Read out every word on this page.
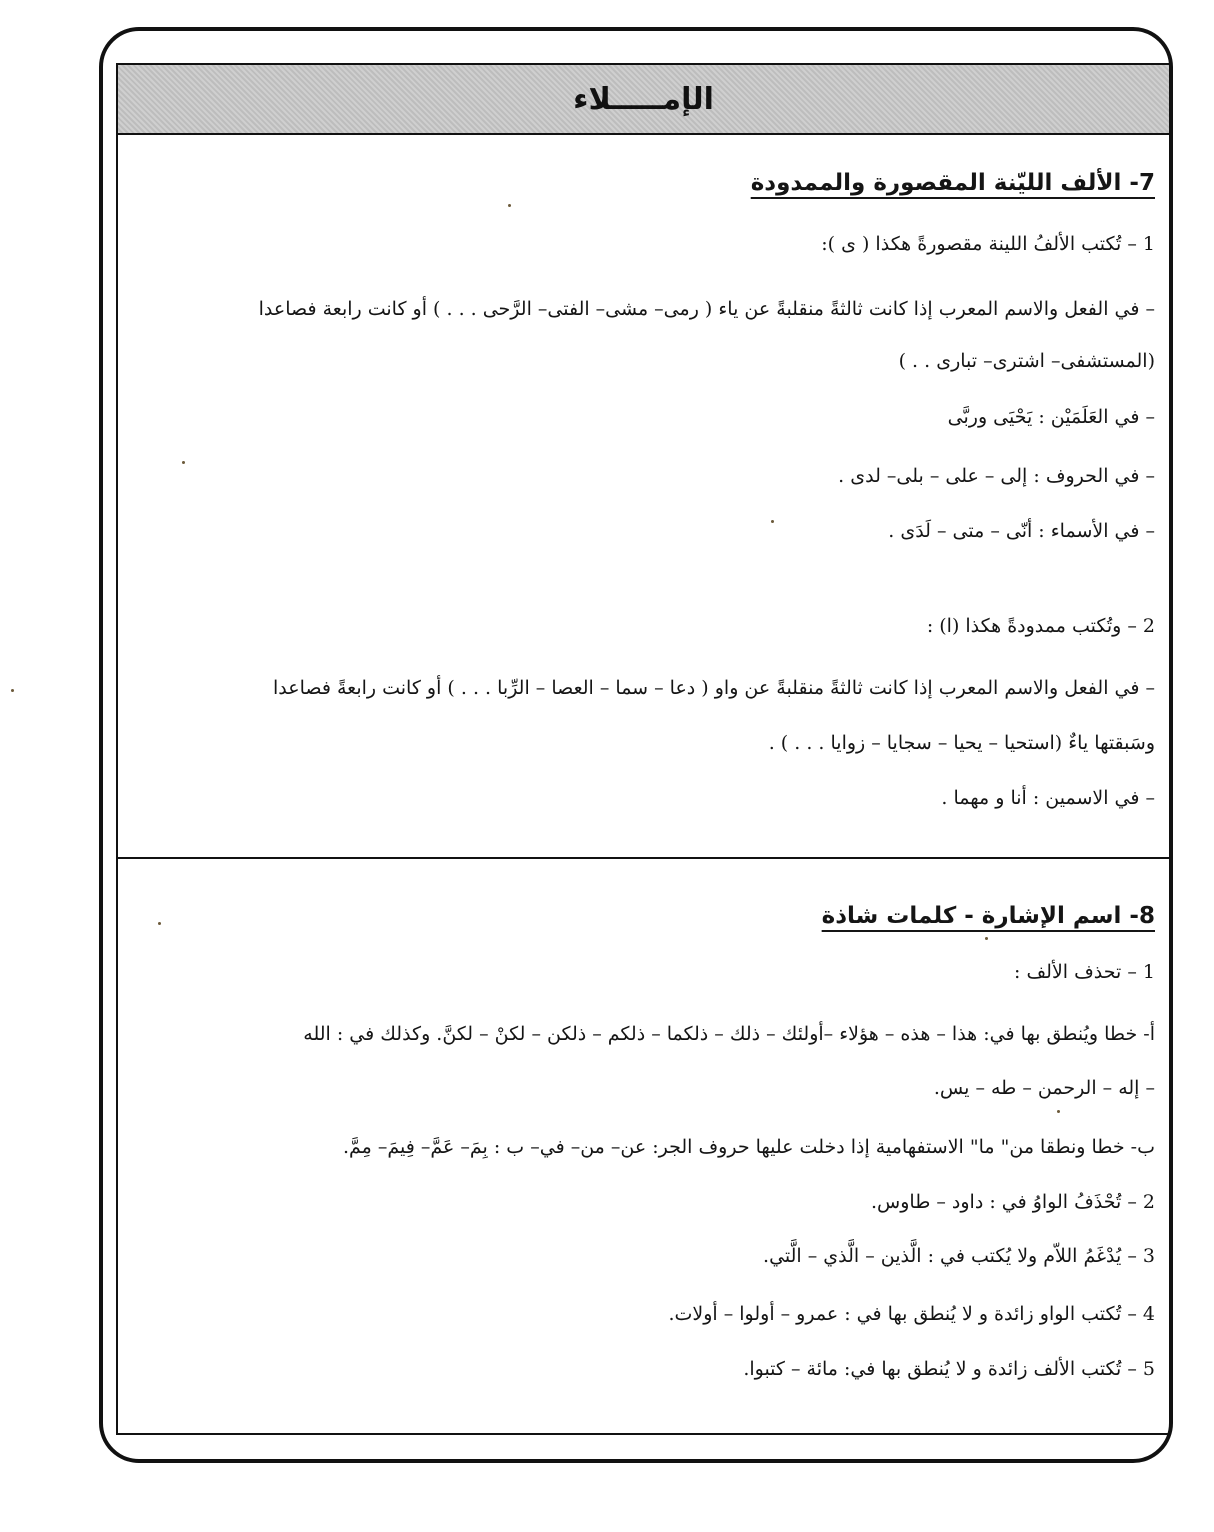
الإمـــــلاء
7- الألف الليّنة المقصورة والممدودة
1 – تُكتب الألفُ اللينة مقصورةً هكذا ( ى ):
– في الفعل والاسم المعرب إذا كانت ثالثةً منقلبةً عن ياء ( رمى– مشى– الفتى– الرَّحى . . . ) أو كانت رابعة فصاعدا
(المستشفى– اشترى– تبارى . . )
– في العَلَمَيْن : يَحْيَى وربَّى
– في الحروف : إلى – على – بلى– لدى .
– في الأسماء : أنّى – متى – لَدَى .
2 – وتُكتب ممدودةً هكذا (ا) :
– في الفعل والاسم المعرب إذا كانت ثالثةً منقلبةً عن واو ( دعا – سما – العصا – الرِّبا . . . ) أو كانت رابعةً فصاعدا
وسَبقتها ياءٌ (استحيا – يحيا – سجايا – زوايا . . . ) .
– في الاسمين : أنا و مهما .
8- اسم الإشارة - كلمات شاذة
1 – تحذف الألف :
أ- خطا ويُنطق بها في: هذا – هذه – هؤلاء –أولئك – ذلك – ذلكما – ذلكم – ذلكن – لكنْ – لكنَّ. وكذلك في : الله
– إله – الرحمن – طه – يس.
ب- خطا ونطقا من" ما" الاستفهامية إذا دخلت عليها حروف الجر: عن– من– في– ب : بِمَ– عَمَّ– فِيمَ– مِمَّ.
2 – تُحْذَفُ الواوُ في : داود – طاوس.
3 – يُدْغَمُ اللاّم ولا يُكتب في : الَّذين – الَّذي – الَّتي.
4 – تُكتب الواو زائدة و لا يُنطق بها في : عمرو – أولوا – أولات.
5 – تُكتب الألف زائدة و لا يُنطق بها في: مائة – كتبوا.
